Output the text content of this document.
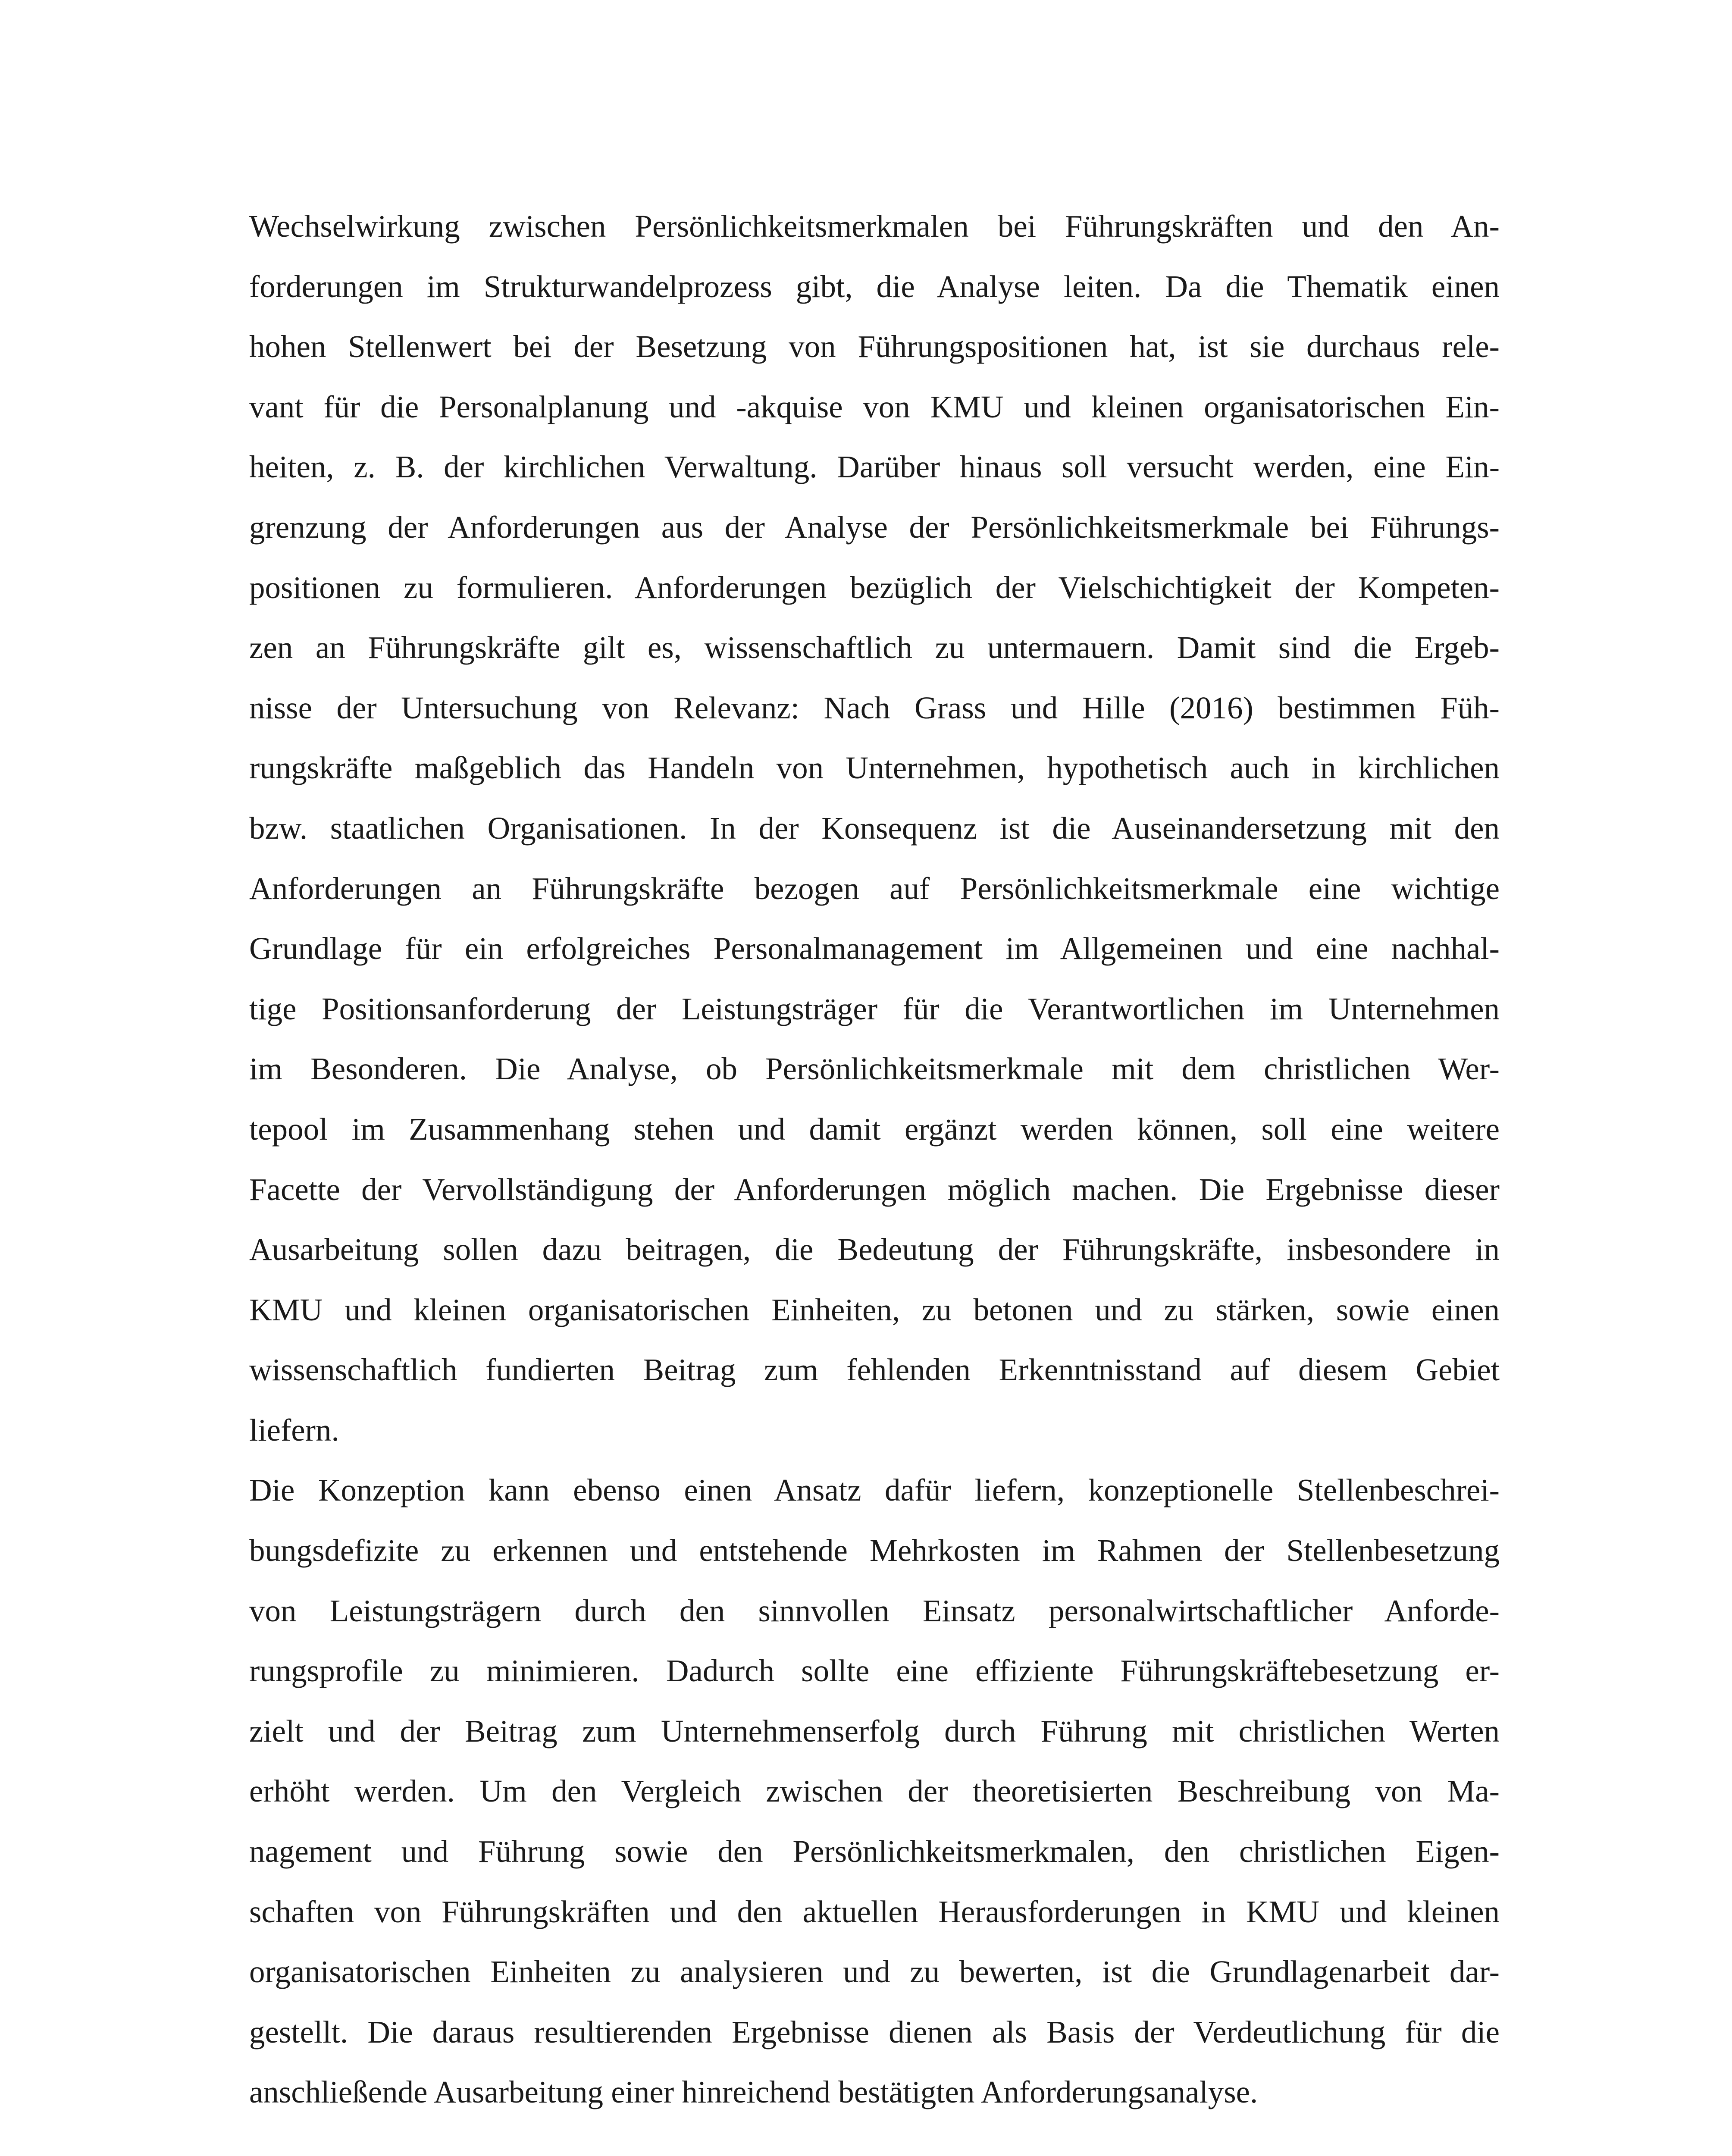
Wechselwirkung zwischen Persönlichkeitsmerkmalen bei Führungskräften und den An-
forderungen im Strukturwandelprozess gibt, die Analyse leiten. Da die Thematik einen
hohen Stellenwert bei der Besetzung von Führungspositionen hat, ist sie durchaus rele-
vant für die Personalplanung und -akquise von KMU und kleinen organisatorischen Ein-
heiten, z. B. der kirchlichen Verwaltung. Darüber hinaus soll versucht werden, eine Ein-
grenzung der Anforderungen aus der Analyse der Persönlichkeitsmerkmale bei Führungs-
positionen zu formulieren. Anforderungen bezüglich der Vielschichtigkeit der Kompeten-
zen an Führungskräfte gilt es, wissenschaftlich zu untermauern. Damit sind die Ergeb-
nisse der Untersuchung von Relevanz: Nach Grass und Hille (2016) bestimmen Füh-
rungskräfte maßgeblich das Handeln von Unternehmen, hypothetisch auch in kirchlichen
bzw. staatlichen Organisationen. In der Konsequenz ist die Auseinandersetzung mit den
Anforderungen an Führungskräfte bezogen auf Persönlichkeitsmerkmale eine wichtige
Grundlage für ein erfolgreiches Personalmanagement im Allgemeinen und eine nachhal-
tige Positionsanforderung der Leistungsträger für die Verantwortlichen im Unternehmen
im Besonderen. Die Analyse, ob Persönlichkeitsmerkmale mit dem christlichen Wer-
tepool im Zusammenhang stehen und damit ergänzt werden können, soll eine weitere
Facette der Vervollständigung der Anforderungen möglich machen. Die Ergebnisse dieser
Ausarbeitung sollen dazu beitragen, die Bedeutung der Führungskräfte, insbesondere in
KMU und kleinen organisatorischen Einheiten, zu betonen und zu stärken, sowie einen
wissenschaftlich fundierten Beitrag zum fehlenden Erkenntnisstand auf diesem Gebiet
liefern.
Die Konzeption kann ebenso einen Ansatz dafür liefern, konzeptionelle Stellenbeschrei-
bungsdefizite zu erkennen und entstehende Mehrkosten im Rahmen der Stellenbesetzung
von Leistungsträgern durch den sinnvollen Einsatz personalwirtschaftlicher Anforde-
rungsprofile zu minimieren. Dadurch sollte eine effiziente Führungskräftebesetzung er-
zielt und der Beitrag zum Unternehmenserfolg durch Führung mit christlichen Werten
erhöht werden. Um den Vergleich zwischen der theoretisierten Beschreibung von Ma-
nagement und Führung sowie den Persönlichkeitsmerkmalen, den christlichen Eigen-
schaften von Führungskräften und den aktuellen Herausforderungen in KMU und kleinen
organisatorischen Einheiten zu analysieren und zu bewerten, ist die Grundlagenarbeit dar-
gestellt. Die daraus resultierenden Ergebnisse dienen als Basis der Verdeutlichung für die
anschließende Ausarbeitung einer hinreichend bestätigten Anforderungsanalyse.
